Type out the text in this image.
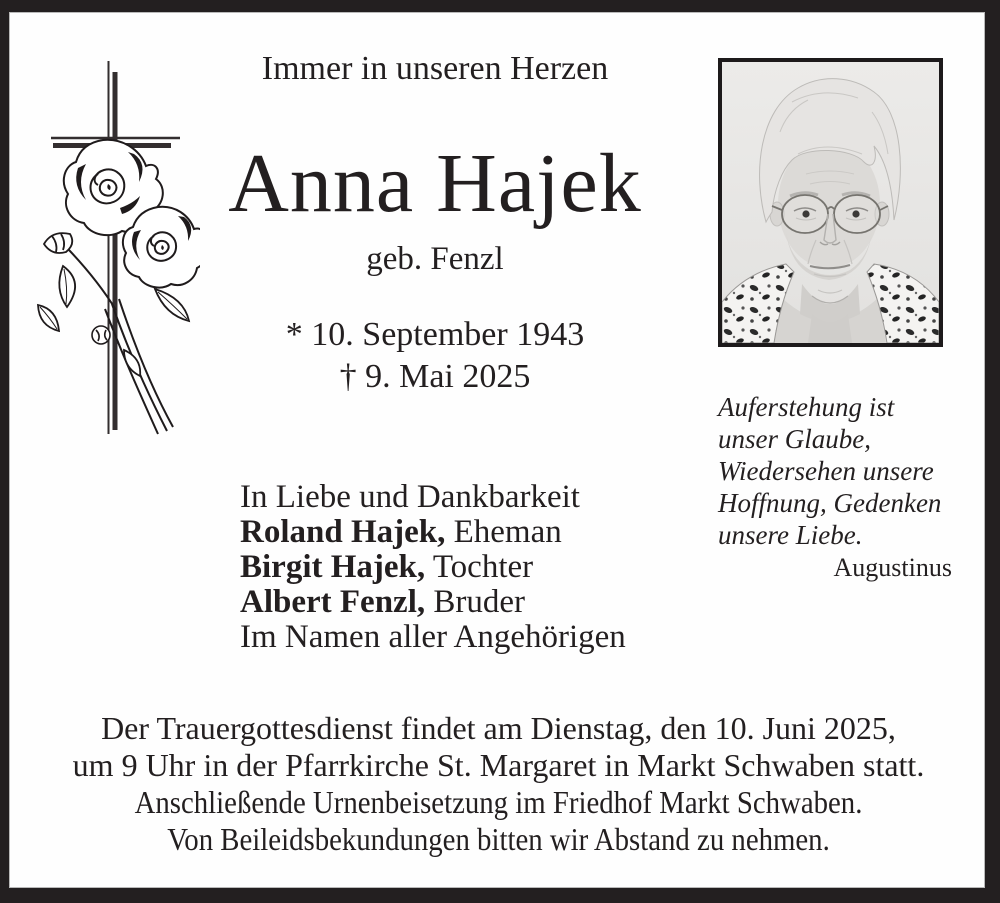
Immer in unseren Herzen
Anna Hajek
geb. Fenzl
* 10. September 1943
† 9. Mai 2025
Auferstehung ist
unser Glaube,
Wiedersehen unsere
Hoffnung, Gedenken
unsere Liebe.
Augustinus
In Liebe und Dankbarkeit
Roland Hajek, Eheman
Birgit Hajek, Tochter
Albert Fenzl, Bruder
Im Namen aller Angehörigen
Der Trauergottesdienst findet am Dienstag, den 10. Juni 2025,
um 9 Uhr in der Pfarrkirche St. Margaret in Markt Schwaben statt.
Anschließende Urnenbeisetzung im Friedhof Markt Schwaben.
Von Beileidsbekundungen bitten wir Abstand zu nehmen.
